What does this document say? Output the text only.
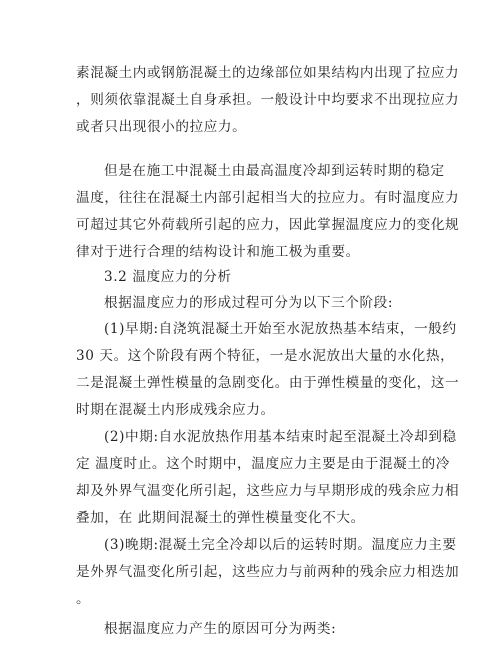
素混凝土内或钢筋混凝土的边缘部位如果结构内出现了拉应力
，则须依靠混凝土自身承担。一般设计中均要求不出现拉应力
或者只出现很小的拉应力。
但是在施工中混凝土由最高温度冷却到运转时期的稳定
温度，往往在混凝土内部引起相当大的拉应力。有时温度应力
可超过其它外荷载所引起的应力，因此掌握温度应力的变化规
律对于进行合理的结构设计和施工极为重要。
3.2 温度应力的分析
根据温度应力的形成过程可分为以下三个阶段:
(1)早期:自浇筑混凝土开始至水泥放热基本结束，一般约
30 天。这个阶段有两个特征，一是水泥放出大量的水化热，
二是混凝土弹性模量的急剧变化。由于弹性模量的变化，这一
时期在混凝土内形成残余应力。
(2)中期:自水泥放热作用基本结束时起至混凝土冷却到稳
定 温度时止。这个时期中，温度应力主要是由于混凝土的冷
却及外界气温变化所引起，这些应力与早期形成的残余应力相
叠加，在 此期间混凝土的弹性模量变化不大。
(3)晚期:混凝土完全冷却以后的运转时期。温度应力主要
是外界气温变化所引起，这些应力与前两种的残余应力相迭加
。
根据温度应力产生的原因可分为两类:
